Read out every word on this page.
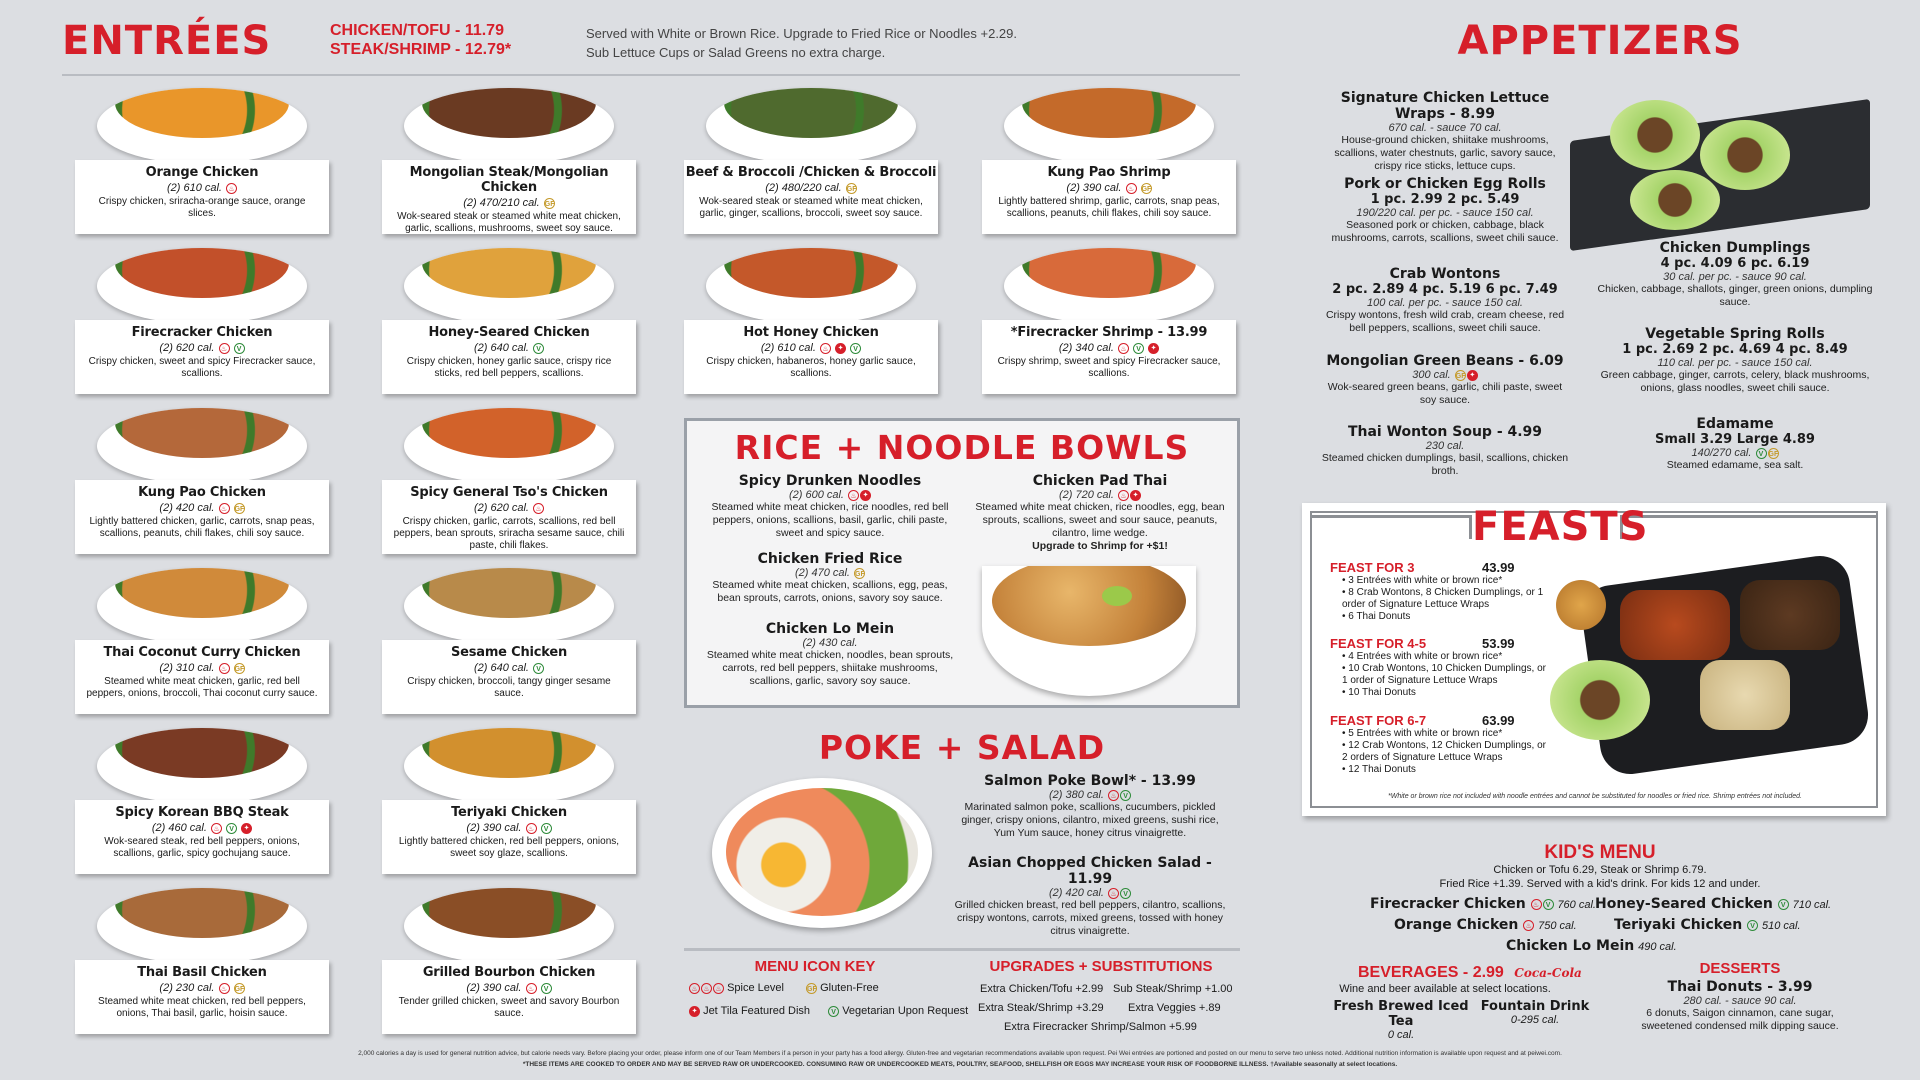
ENTRÉES	CHICKEN/TOFU - 11.79
STEAK/SHRIMP - 12.79*
Served with White or Brown Rice. Upgrade to Fried Rice or Noodles +2.29.
Sub Lettuce Cups or Salad Greens no extra charge.
Orange Chicken
(2) 610 cal. ♨
Crispy chicken, sriracha-orange sauce, orange slices.
Mongolian Steak/Mongolian Chicken
(2) 470/210 cal. GF
Wok-seared steak or steamed white meat chicken, garlic, scallions, mushrooms, sweet soy sauce.
Beef & Broccoli /Chicken & Broccoli
(2) 480/220 cal. GF
Wok-seared steak or steamed white meat chicken, garlic, ginger, scallions, broccoli, sweet soy sauce.
Kung Pao Shrimp
(2) 390 cal. ♨ GF
Lightly battered shrimp, garlic, carrots, snap peas, scallions, peanuts, chili flakes, chili soy sauce.
Firecracker Chicken
(2) 620 cal. ♨ V
Crispy chicken, sweet and spicy Firecracker sauce, scallions.
Honey-Seared Chicken
(2) 640 cal. V
Crispy chicken, honey garlic sauce, crispy rice sticks, red bell peppers, scallions.
Hot Honey Chicken
(2) 610 cal. ♨ ✦ V
Crispy chicken, habaneros, honey garlic sauce, scallions.
*Firecracker Shrimp - 13.99
(2) 340 cal. ♨ V ✦
Crispy shrimp, sweet and spicy Firecracker sauce, scallions.
Kung Pao Chicken
(2) 420 cal. ♨ GF
Lightly battered chicken, garlic, carrots, snap peas, scallions, peanuts, chili flakes, chili soy sauce.
Spicy General Tso's Chicken
(2) 620 cal. ♨
Crispy chicken, garlic, carrots, scallions, red bell peppers, bean sprouts, sriracha sesame sauce, chili paste, chili flakes.
Thai Coconut Curry Chicken
(2) 310 cal. ♨ GF
Steamed white meat chicken, garlic, red bell peppers, onions, broccoli, Thai coconut curry sauce.
Sesame Chicken
(2) 640 cal. V
Crispy chicken, broccoli, tangy ginger sesame sauce.
Spicy Korean BBQ Steak
(2) 460 cal. ♨ V ✦
Wok-seared steak, red bell peppers, onions, scallions, garlic, spicy gochujang sauce.
Teriyaki Chicken
(2) 390 cal. ♨ V
Lightly battered chicken, red bell peppers, onions, sweet soy glaze, scallions.
Thai Basil Chicken
(2) 230 cal. ♨ GF
Steamed white meat chicken, red bell peppers, onions, Thai basil, garlic, hoisin sauce.
Grilled Bourbon Chicken
(2) 390 cal. ♨ V
Tender grilled chicken, sweet and savory Bourbon sauce.
RICE + NOODLE BOWLS
Spicy Drunken Noodles
(2) 600 cal. ♨ ✦
Steamed white meat chicken, rice noodles, red bell peppers, onions, scallions, basil, garlic, chili paste, sweet and spicy sauce.
Chicken Fried Rice
(2) 470 cal. GF
Steamed white meat chicken, scallions, egg, peas, bean sprouts, carrots, onions, savory soy sauce.
Chicken Lo Mein
(2) 430 cal.
Steamed white meat chicken, noodles, bean sprouts, carrots, red bell peppers, shiitake mushrooms, scallions, garlic, savory soy sauce.
Chicken Pad Thai
(2) 720 cal. ♨ ✦
Steamed white meat chicken, rice noodles, egg, bean sprouts, scallions, sweet and sour sauce, peanuts, cilantro, lime wedge.
Upgrade to Shrimp for +$1!
POKE + SALAD
Salmon Poke Bowl* - 13.99
(2) 380 cal. ♨ V
Marinated salmon poke, scallions, cucumbers, pickled ginger, crispy onions, cilantro, mixed greens, sushi rice, Yum Yum sauce, honey citrus vinaigrette.
Asian Chopped Chicken Salad - 11.99
(2) 420 cal. ♨ V
Grilled chicken breast, red bell peppers, cilantro, scallions, crispy wontons, carrots, mixed greens, tossed with honey citrus vinaigrette.
MENU ICON KEY
♨ ♨ ♨ Spice Level	GF Gluten-Free
✦ Jet Tila Featured Dish	V Vegetarian Upon Request
UPGRADES + SUBSTITUTIONS
Extra Chicken/Tofu +2.99 Sub Steak/Shrimp +1.00
Extra Steak/Shrimp +3.29 Extra Veggies +.89
Extra Firecracker Shrimp/Salmon +5.99
APPETIZERS
Signature Chicken Lettuce Wraps - 8.99
670 cal. - sauce 70 cal.
House-ground chicken, shiitake mushrooms, scallions, water chestnuts, garlic, savory sauce, crispy rice sticks, lettuce cups.
Pork or Chicken Egg Rolls
1 pc. 2.99 2 pc. 5.49
190/220 cal. per pc. - sauce 150 cal.
Seasoned pork or chicken, cabbage, black mushrooms, carrots, scallions, sweet chili sauce.
Crab Wontons
2 pc. 2.89 4 pc. 5.19 6 pc. 7.49
100 cal. per pc. - sauce 150 cal.
Crispy wontons, fresh wild crab, cream cheese, red bell peppers, scallions, sweet chili sauce.
Mongolian Green Beans - 6.09
300 cal. GF ✦
Wok-seared green beans, garlic, chili paste, sweet soy sauce.
Thai Wonton Soup - 4.99
230 cal.
Steamed chicken dumplings, basil, scallions, chicken broth.
Chicken Dumplings
4 pc. 4.09 6 pc. 6.19
30 cal. per pc. - sauce 90 cal.
Chicken, cabbage, shallots, ginger, green onions, dumpling sauce.
Vegetable Spring Rolls
1 pc. 2.69 2 pc. 4.69 4 pc. 8.49
110 cal. per pc. - sauce 150 cal.
Green cabbage, ginger, carrots, celery, black mushrooms, onions, glass noodles, sweet chili sauce.
Edamame
Small 3.29 Large 4.89
140/270 cal. V GF
Steamed edamame, sea salt.
FEASTS
FEAST FOR 3	43.99
• 3 Entrées with white or brown rice*
• 8 Crab Wontons, 8 Chicken Dumplings, or 1 order of Signature Lettuce Wraps
• 6 Thai Donuts
FEAST FOR 4-5	53.99
• 4 Entrées with white or brown rice*
• 10 Crab Wontons, 10 Chicken Dumplings, or 1 order of Signature Lettuce Wraps
• 10 Thai Donuts
FEAST FOR 6-7	63.99
• 5 Entrées with white or brown rice*
• 12 Crab Wontons, 12 Chicken Dumplings, or 2 orders of Signature Lettuce Wraps
• 12 Thai Donuts
*White or brown rice not included with noodle entrées and cannot be substituted for noodles or fried rice. Shrimp entrées not included.
KID'S MENU
Chicken or Tofu 6.29, Steak or Shrimp 6.79.
Fried Rice +1.39. Served with a kid's drink. For kids 12 and under.
Firecracker Chicken ♨ V 760 cal. Honey-Seared Chicken V 710 cal.
Orange Chicken ♨ 750 cal.	Teriyaki Chicken V 510 cal.
Chicken Lo Mein 490 cal.
BEVERAGES - 2.99 Coca-Cola
Wine and beer available at select locations.
Fresh Brewed Iced Tea
0 cal.
Fountain Drink
0-295 cal.
DESSERTS
Thai Donuts - 3.99
280 cal. - sauce 90 cal.
6 donuts, Saigon cinnamon, cane sugar, sweetened condensed milk dipping sauce.
2,000 calories a day is used for general nutrition advice, but calorie needs vary. Before placing your order, please inform one of our Team Members if a person in your party has a food allergy. Gluten-free and vegetarian recommendations available upon request. Pei Wei entrées are portioned and posted on our menu to serve two unless noted. Additional nutrition information is available upon request and at peiwei.com.
*THESE ITEMS ARE COOKED TO ORDER AND MAY BE SERVED RAW OR UNDERCOOKED. CONSUMING RAW OR UNDERCOOKED MEATS, POULTRY, SEAFOOD, SHELLFISH OR EGGS MAY INCREASE YOUR RISK OF FOODBORNE ILLNESS. †Available seasonally at select locations.
